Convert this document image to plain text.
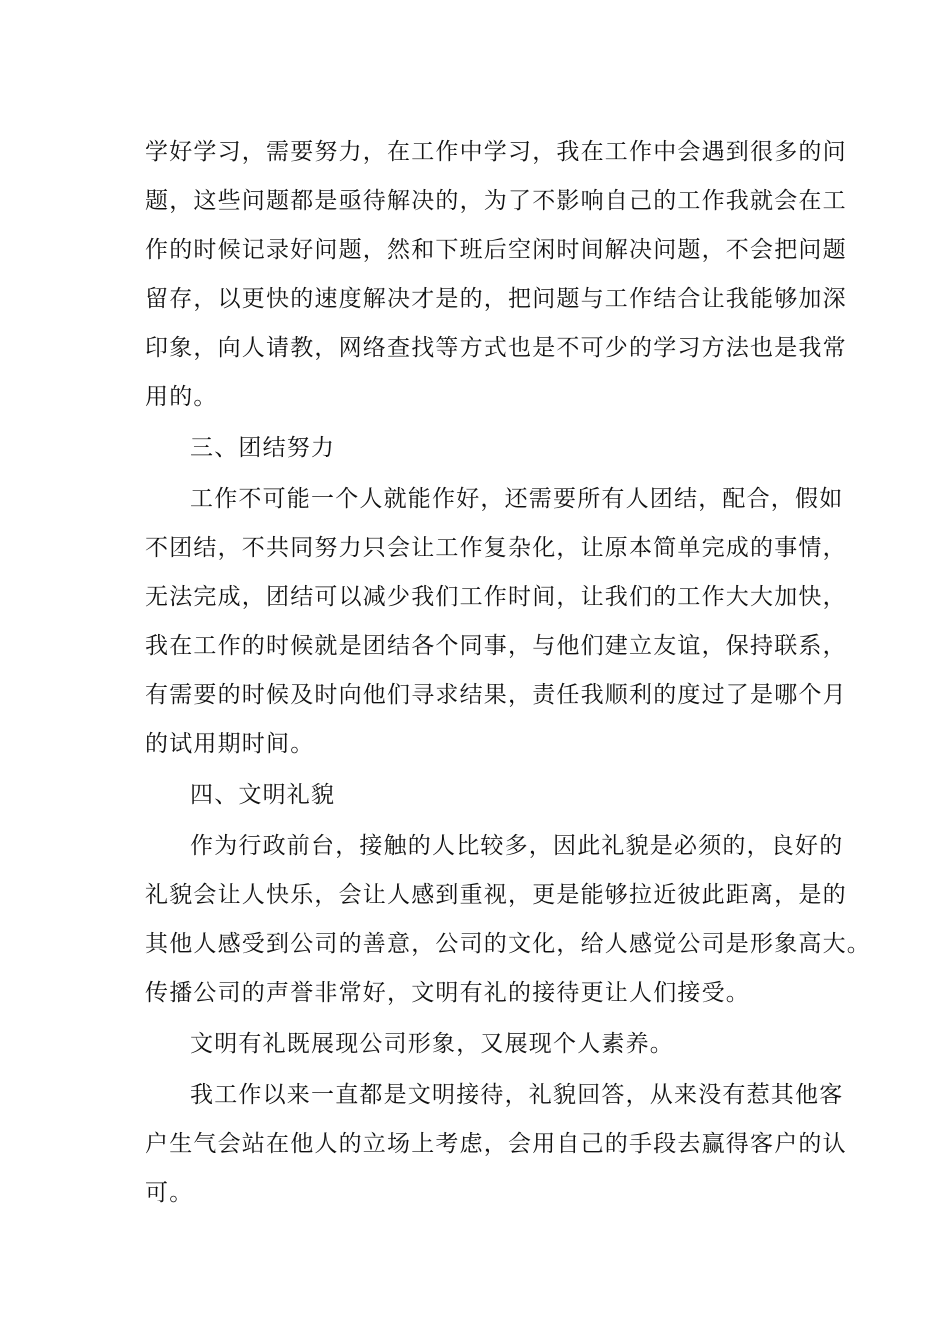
学好学习，需要努力，在工作中学习，我在工作中会遇到很多的问

题，这些问题都是亟待解决的，为了不影响自己的工作我就会在工

作的时候记录好问题，然和下班后空闲时间解决问题，不会把问题

留存，以更快的速度解决才是的，把问题与工作结合让我能够加深

印象，向人请教，网络查找等方式也是不可少的学习方法也是我常

用的。

三、团结努力

工作不可能一个人就能作好，还需要所有人团结，配合，假如

不团结，不共同努力只会让工作复杂化，让原本简单完成的事情，

无法完成，团结可以减少我们工作时间，让我们的工作大大加快，

我在工作的时候就是团结各个同事，与他们建立友谊，保持联系，

有需要的时候及时向他们寻求结果，责任我顺利的度过了是哪个月

的试用期时间。

四、文明礼貌

作为行政前台，接触的人比较多，因此礼貌是必须的，良好的

礼貌会让人快乐，会让人感到重视，更是能够拉近彼此距离，是的

其他人感受到公司的善意，公司的文化，给人感觉公司是形象高大。

传播公司的声誉非常好，文明有礼的接待更让人们接受。

文明有礼既展现公司形象，又展现个人素养。

我工作以来一直都是文明接待，礼貌回答，从来没有惹其他客

户生气会站在他人的立场上考虑，会用自己的手段去赢得客户的认

可。
